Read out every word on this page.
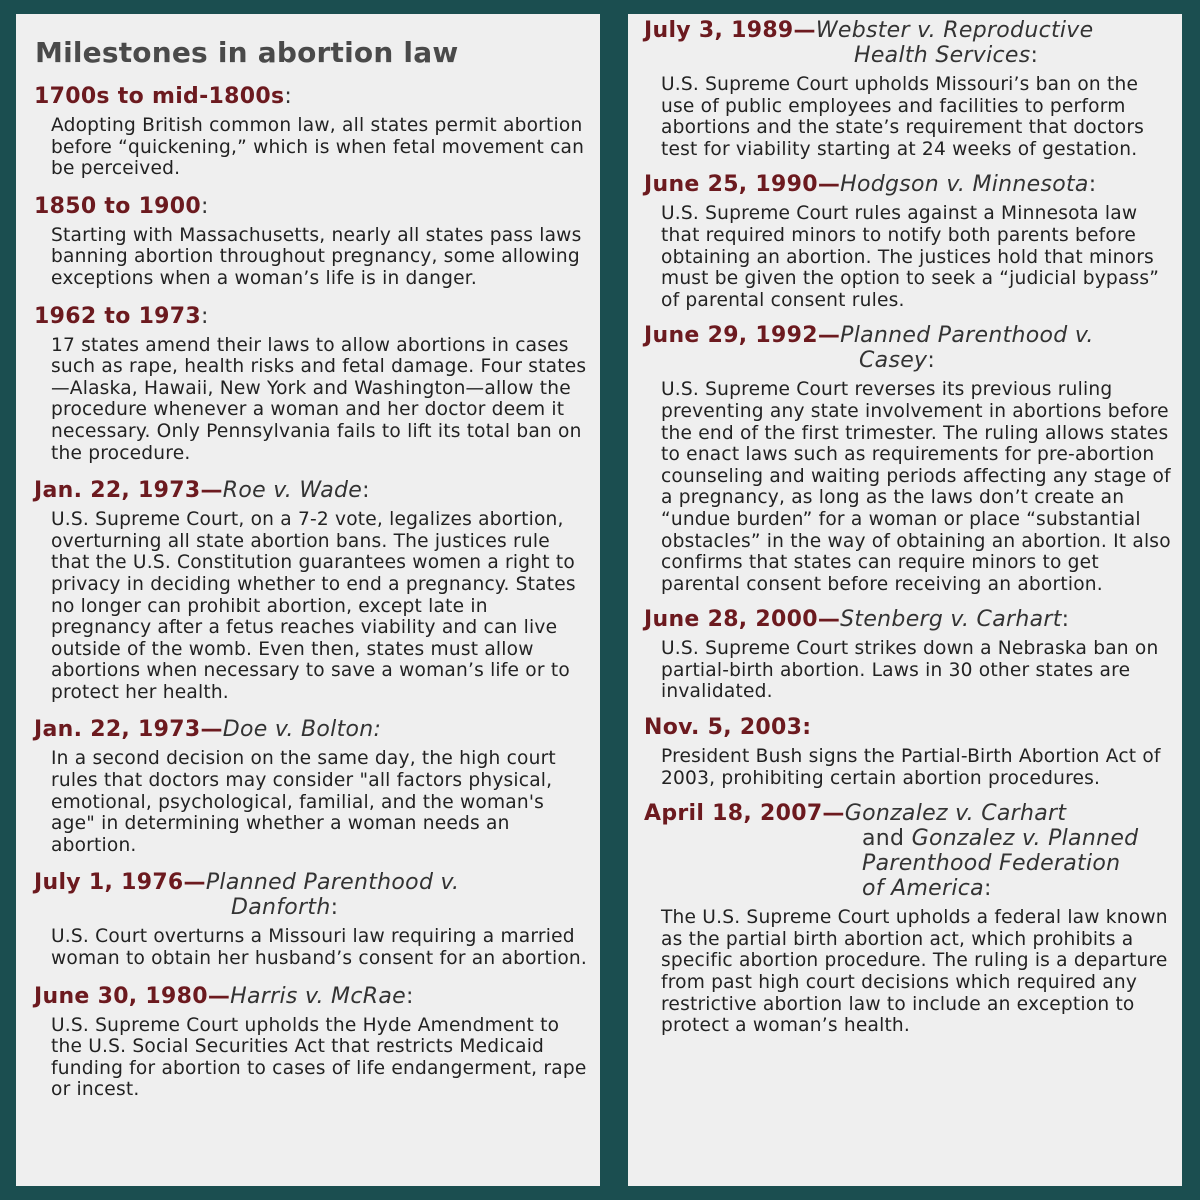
Milestones in abortion law
1700s to mid-1800s:
Adopting British common law, all states permit abortion before “quickening,” which is when fetal movement can be perceived.
1850 to 1900:
Starting with Massachusetts, nearly all states pass laws banning abortion throughout pregnancy, some allowing exceptions when a woman’s life is in danger.
1962 to 1973:
17 states amend their laws to allow abortions in cases such as rape, health risks and fetal damage. Four states—Alaska, Hawaii, New York and Washington—allow the procedure whenever a woman and her doctor deem it necessary. Only Pennsylvania fails to lift its total ban on the procedure.
Jan. 22, 1973—Roe v. Wade:
U.S. Supreme Court, on a 7-2 vote, legalizes abortion, overturning all state abortion bans. The justices rule that the U.S. Constitution guarantees women a right to privacy in deciding whether to end a pregnancy. States no longer can prohibit abortion, except late in pregnancy after a fetus reaches viability and can live outside of the womb. Even then, states must allow abortions when necessary to save a woman’s life or to protect her health.
Jan. 22, 1973—Doe v. Bolton:
In a second decision on the same day, the high court rules that doctors may consider "all factors physical, emotional, psychological, familial, and the woman's age" in determining whether a woman needs an abortion.
July 1, 1976—Planned Parenthood v.
Danforth:
U.S. Court overturns a Missouri law requiring a married woman to obtain her husband’s consent for an abortion.
June 30, 1980—Harris v. McRae:
U.S. Supreme Court upholds the Hyde Amendment to the U.S. Social Securities Act that restricts Medicaid funding for abortion to cases of life endangerment, rape or incest.
July 3, 1989—Webster v. Reproductive
Health Services:
U.S. Supreme Court upholds Missouri’s ban on the use of public employees and facilities to perform abortions and the state’s requirement that doctors test for viability starting at 24 weeks of gestation.
June 25, 1990—Hodgson v. Minnesota:
U.S. Supreme Court rules against a Minnesota law that required minors to notify both parents before obtaining an abortion. The justices hold that minors must be given the option to seek a “judicial bypass” of parental consent rules.
June 29, 1992—Planned Parenthood v.
Casey:
U.S. Supreme Court reverses its previous ruling preventing any state involvement in abortions before the end of the first trimester. The ruling allows states to enact laws such as requirements for pre-abortion counseling and waiting periods affecting any stage of a pregnancy, as long as the laws don’t create an “undue burden” for a woman or place “substantial obstacles” in the way of obtaining an abortion. It also confirms that states can require minors to get parental consent before receiving an abortion.
June 28, 2000—Stenberg v. Carhart:
U.S. Supreme Court strikes down a Nebraska ban on partial-birth abortion. Laws in 30 other states are invalidated.
Nov. 5, 2003:
President Bush signs the Partial-Birth Abortion Act of 2003, prohibiting certain abortion procedures.
April 18, 2007—Gonzalez v. Carhart
and Gonzalez v. Planned
Parenthood Federation
of America:
The U.S. Supreme Court upholds a federal law known as the partial birth abortion act, which prohibits a specific abortion procedure. The ruling is a departure from past high court decisions which required any restrictive abortion law to include an exception to protect a woman’s health.
